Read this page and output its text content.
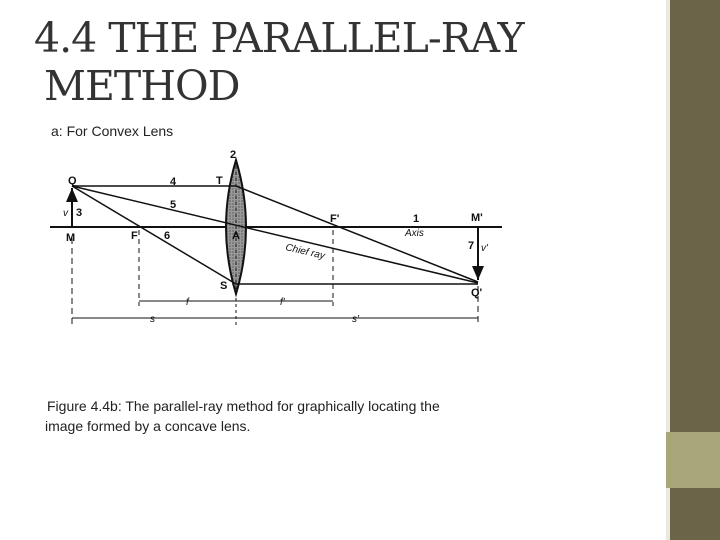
4.4 THE PARALLEL-RAY
METHOD
a: For Convex Lens
Q
M
v 3
T
2
4
5
6
F	A
S
F'	1
Axis
M'
7 v'
Q'
Chief ray
f	f'
s	s'
Figure 4.4b: The parallel-ray method for graphically locating the
image formed by a concave lens.
